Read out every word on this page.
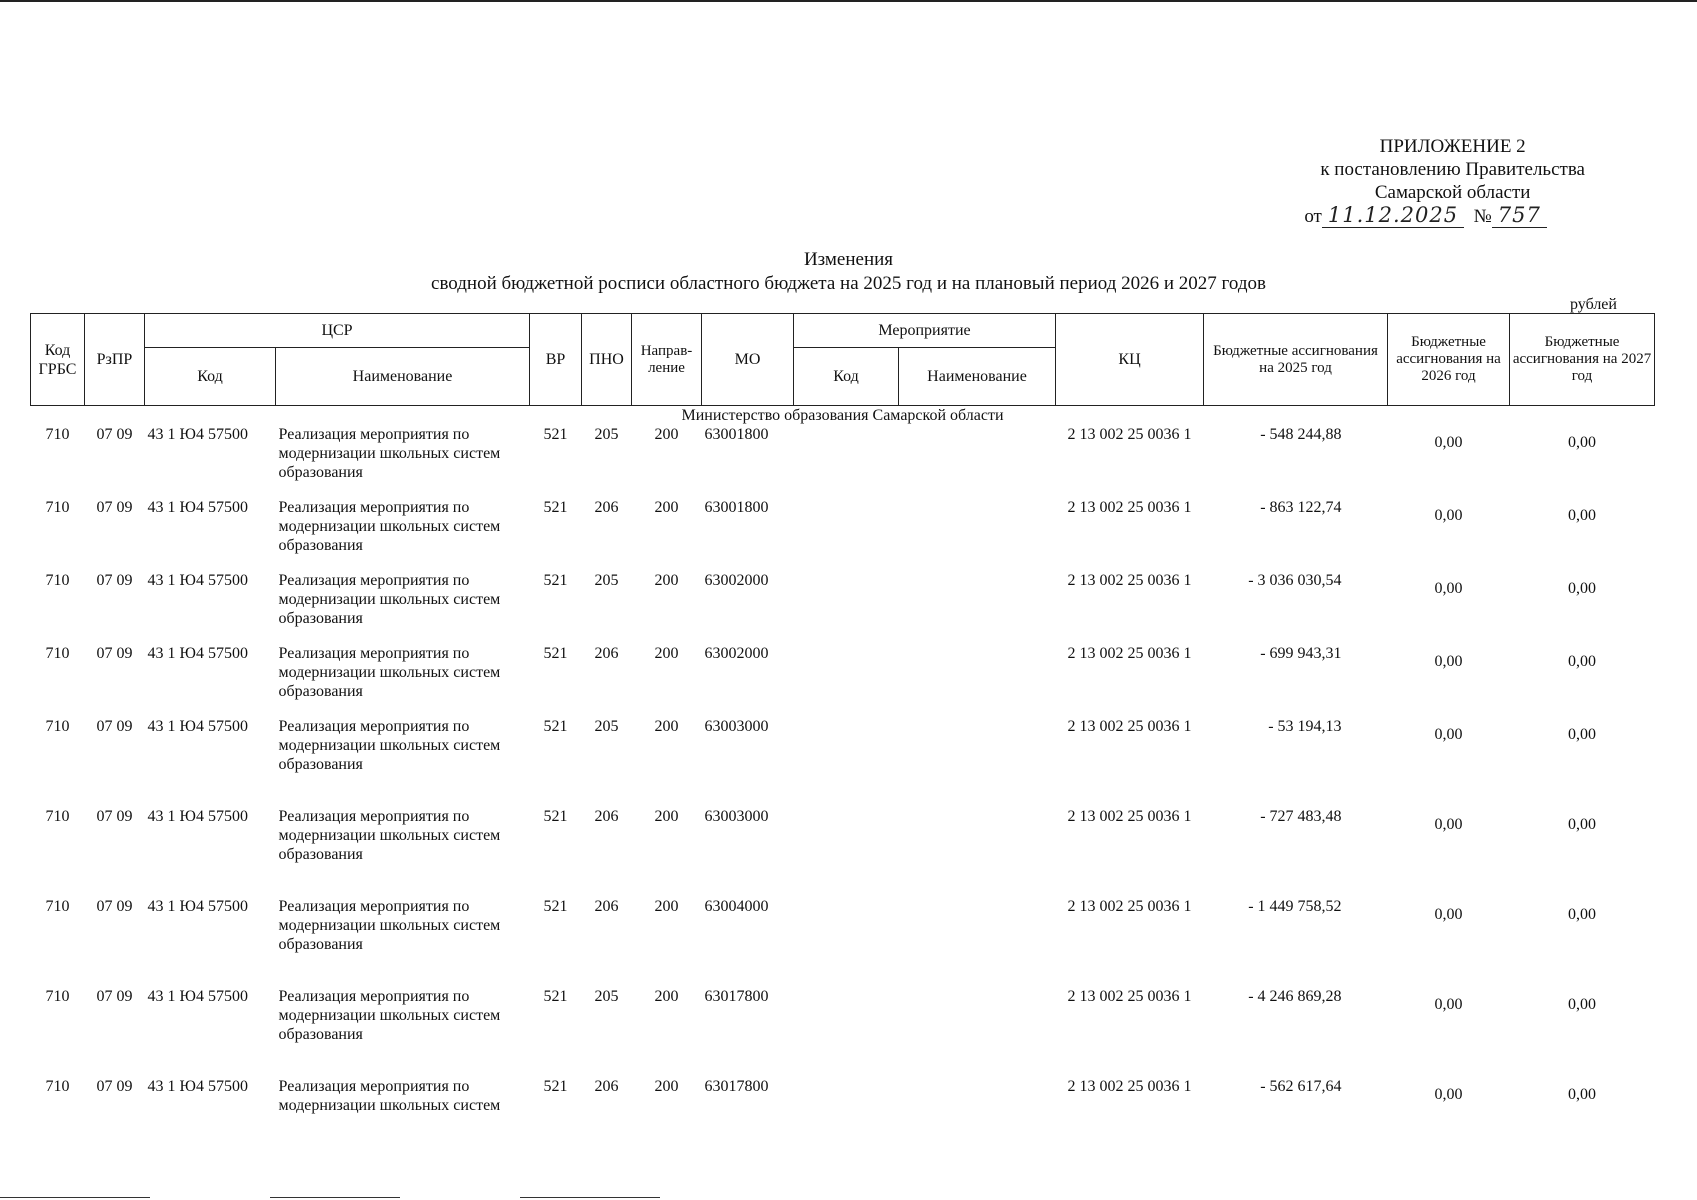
ПРИЛОЖЕНИЕ 2
к постановлению Правительства
Самарской области
от 11.12.2025 № 757
Изменения
сводной бюджетной росписи областного бюджета на 2025 год и на плановый период 2026 и 2027 годов
рублей
Код ГРБС	РзПР	ЦСР		ВР	ПНО	Направ-ление	МО	Мероприятие		КЦ	Бюджетные ассигнования на 2025 год	Бюджетные ассигнования на 2026 год	Бюджетные ассигнования на 2027 год
		Код	Наименование					Код	Наименование				
Министерство образования Самарской области													
710	07 09	43 1 Ю4 57500	Реализация мероприятия по модернизации школьных систем образования	521	205	200	63001800			2 13 002 25 0036 1	- 548 244,88	0,00	0,00
710	07 09	43 1 Ю4 57500	Реализация мероприятия по модернизации школьных систем образования	521	206	200	63001800			2 13 002 25 0036 1	- 863 122,74	0,00	0,00
710	07 09	43 1 Ю4 57500	Реализация мероприятия по модернизации школьных систем образования	521	205	200	63002000			2 13 002 25 0036 1	- 3 036 030,54	0,00	0,00
710	07 09	43 1 Ю4 57500	Реализация мероприятия по модернизации школьных систем образования	521	206	200	63002000			2 13 002 25 0036 1	- 699 943,31	0,00	0,00
710	07 09	43 1 Ю4 57500	Реализация мероприятия по модернизации школьных систем образования	521	205	200	63003000			2 13 002 25 0036 1	- 53 194,13	0,00	0,00
710	07 09	43 1 Ю4 57500	Реализация мероприятия по модернизации школьных систем образования	521	206	200	63003000			2 13 002 25 0036 1	- 727 483,48	0,00	0,00
710	07 09	43 1 Ю4 57500	Реализация мероприятия по модернизации школьных систем образования	521	206	200	63004000			2 13 002 25 0036 1	- 1 449 758,52	0,00	0,00
710	07 09	43 1 Ю4 57500	Реализация мероприятия по модернизации школьных систем образования	521	205	200	63017800			2 13 002 25 0036 1	- 4 246 869,28	0,00	0,00
710	07 09	43 1 Ю4 57500	Реализация мероприятия по модернизации школьных систем	521	206	200	63017800			2 13 002 25 0036 1	- 562 617,64	0,00	0,00
